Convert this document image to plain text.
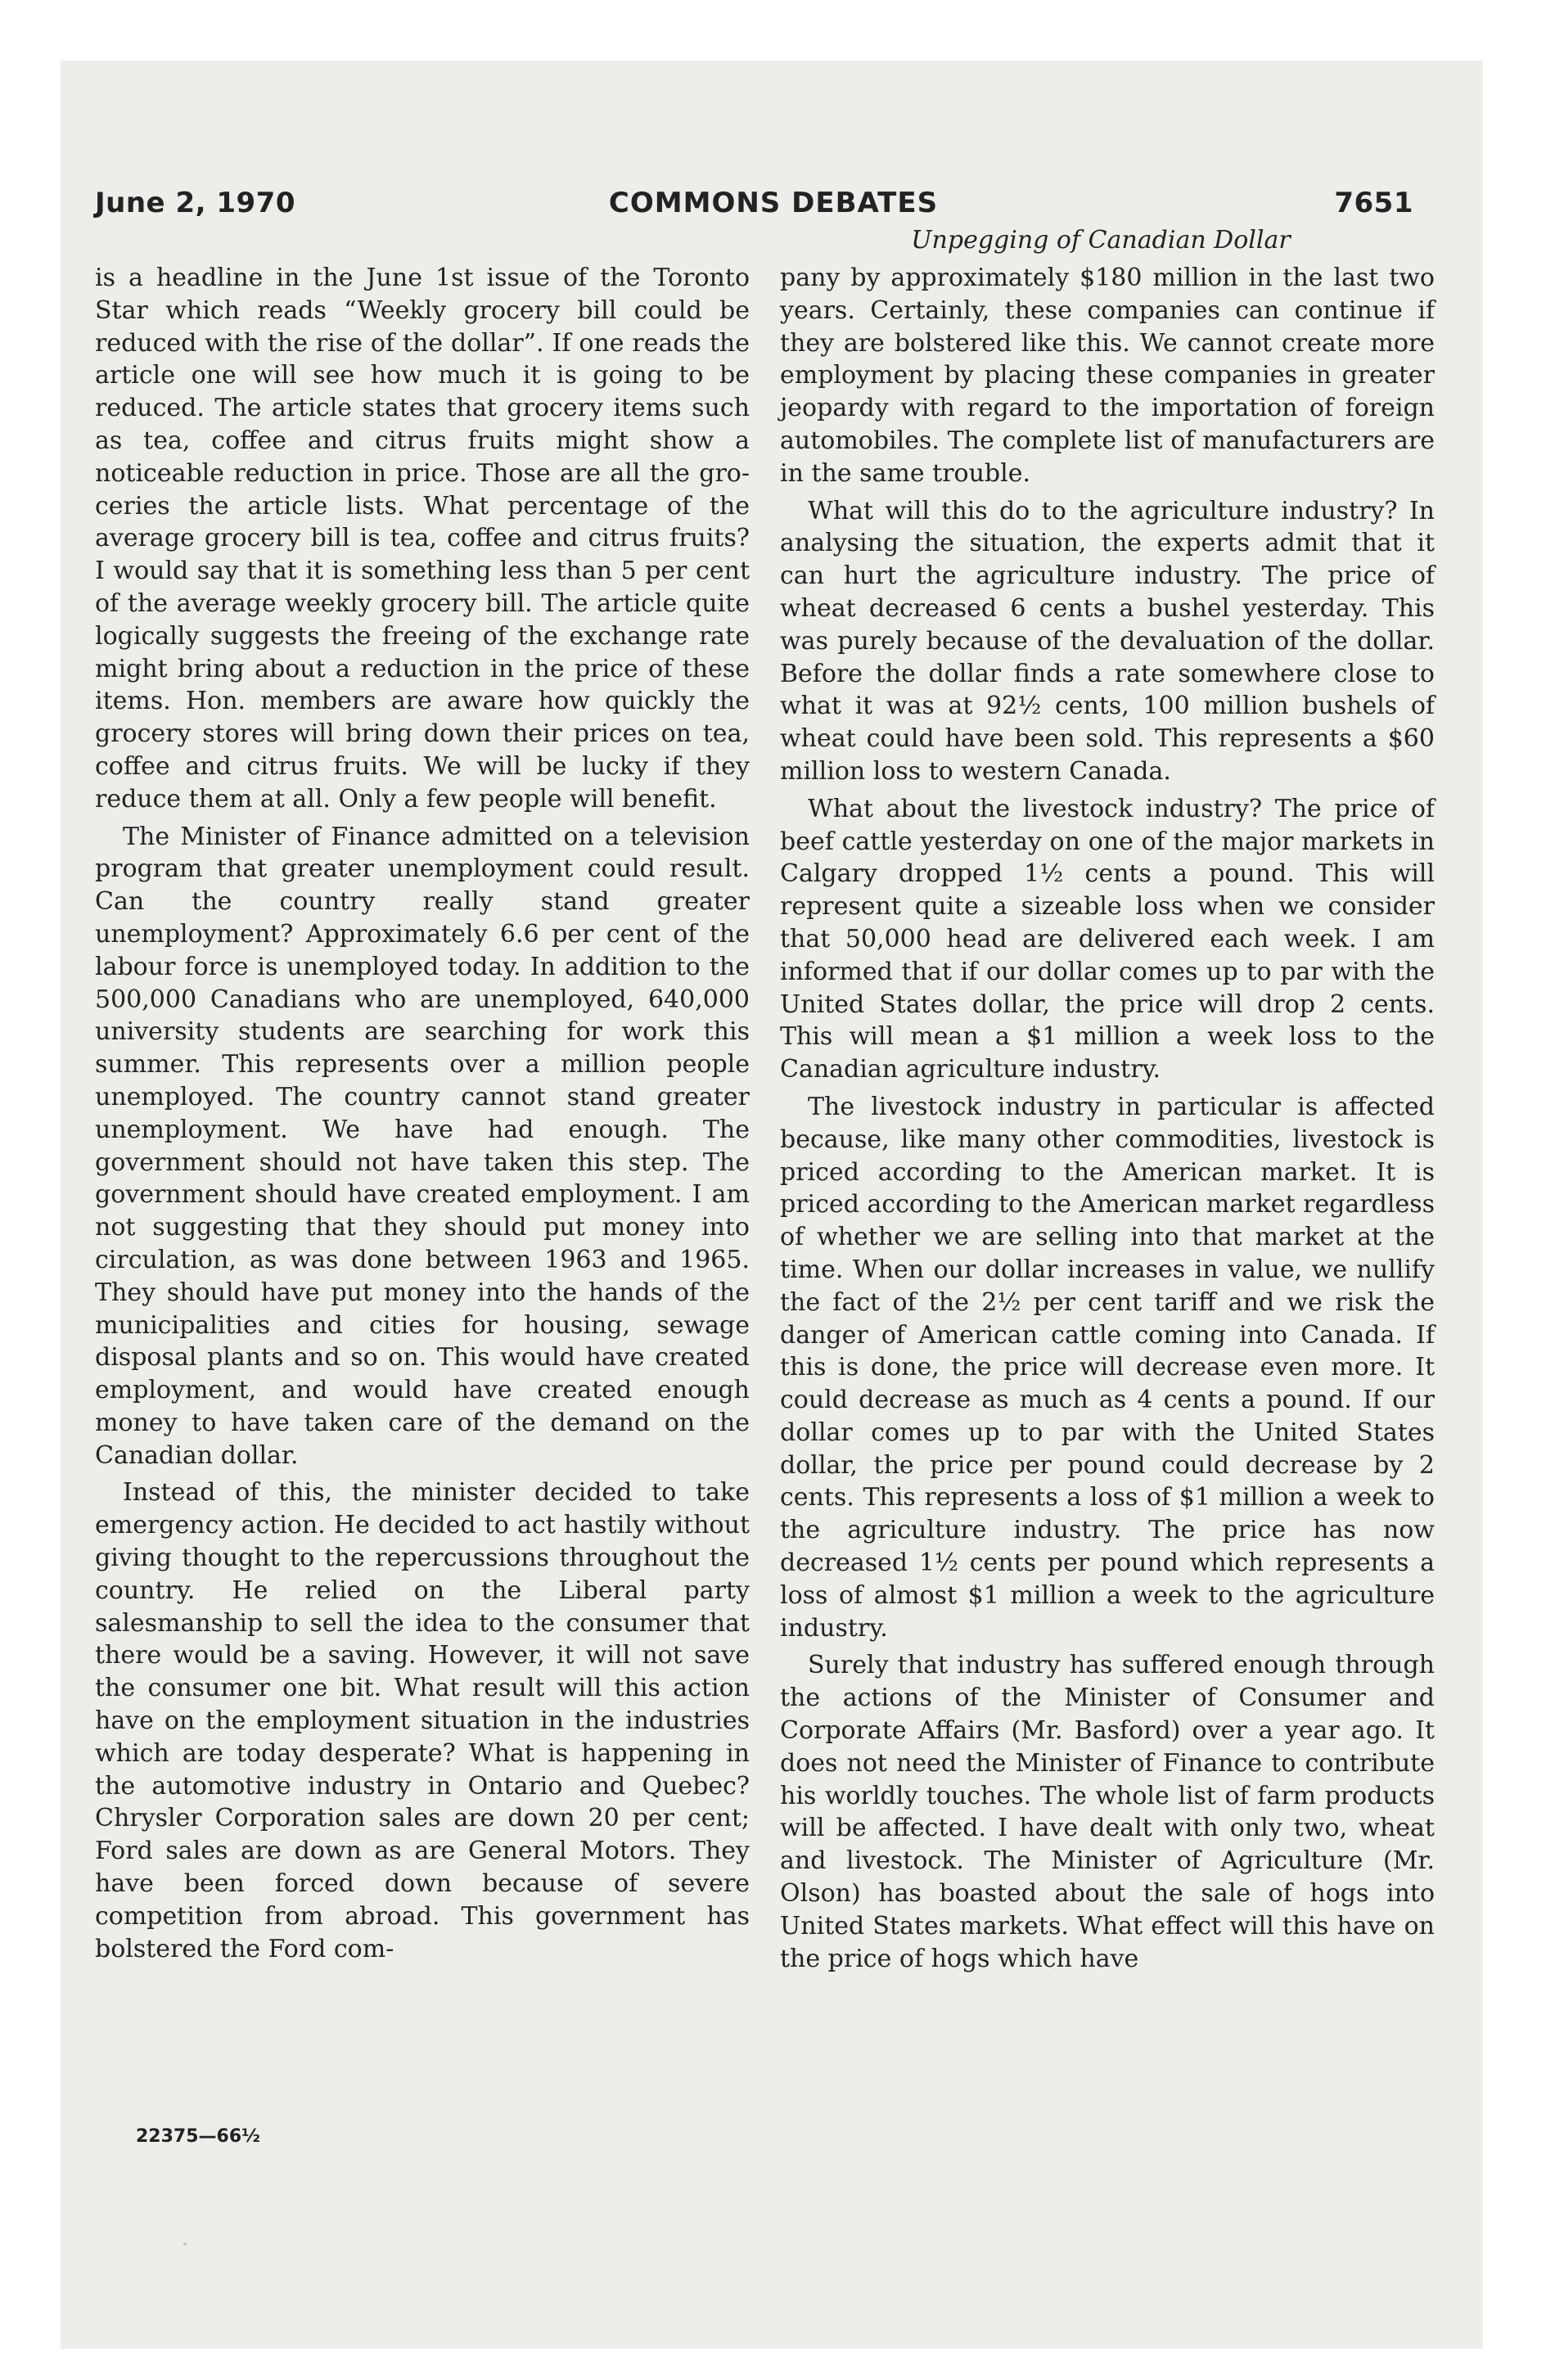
June 2, 1970	COMMONS DEBATES	7651
Unpegging of Canadian Dollar

is a headline in the June 1st issue of the Toronto Star which reads “Weekly grocery bill could be reduced with the rise of the dollar”. If one reads the article one will see how much it is going to be reduced. The article states that grocery items such as tea, coffee and citrus fruits might show a noticeable reduction in price. Those are all the groceries the article lists. What percentage of the average grocery bill is tea, coffee and citrus fruits? I would say that it is something less than 5 per cent of the average weekly grocery bill. The article quite logically suggests the freeing of the exchange rate might bring about a reduction in the price of these items. Hon. members are aware how quickly the grocery stores will bring down their prices on tea, coffee and citrus fruits. We will be lucky if they reduce them at all. Only a few people will benefit.

The Minister of Finance admitted on a television program that greater unemployment could result. Can the country really stand greater unemployment? Approximately 6.6 per cent of the labour force is unemployed today. In addition to the 500,000 Canadians who are unemployed, 640,000 university students are searching for work this summer. This represents over a million people unemployed. The country cannot stand greater unemployment. We have had enough. The government should not have taken this step. The government should have created employment. I am not suggesting that they should put money into circulation, as was done between 1963 and 1965. They should have put money into the hands of the municipalities and cities for housing, sewage disposal plants and so on. This would have created employment, and would have created enough money to have taken care of the demand on the Canadian dollar.

Instead of this, the minister decided to take emergency action. He decided to act hastily without giving thought to the repercussions throughout the country. He relied on the Liberal party salesmanship to sell the idea to the consumer that there would be a saving. However, it will not save the consumer one bit. What result will this action have on the employment situation in the industries which are today desperate? What is happening in the automotive industry in Ontario and Quebec? Chrysler Corporation sales are down 20 per cent; Ford sales are down as are General Motors. They have been forced down because of severe competition from abroad. This government has bolstered the Ford com-

pany by approximately $180 million in the last two years. Certainly, these companies can continue if they are bolstered like this. We cannot create more employment by placing these companies in greater jeopardy with regard to the importation of foreign automobiles. The complete list of manufacturers are in the same trouble.

What will this do to the agriculture industry? In analysing the situation, the experts admit that it can hurt the agriculture industry. The price of wheat decreased 6 cents a bushel yesterday. This was purely because of the devaluation of the dollar. Before the dollar finds a rate somewhere close to what it was at 92½ cents, 100 million bushels of wheat could have been sold. This represents a $60 million loss to western Canada.

What about the livestock industry? The price of beef cattle yesterday on one of the major markets in Calgary dropped 1½ cents a pound. This will represent quite a sizeable loss when we consider that 50,000 head are delivered each week. I am informed that if our dollar comes up to par with the United States dollar, the price will drop 2 cents. This will mean a $1 million a week loss to the Canadian agriculture industry.

The livestock industry in particular is affected because, like many other commodities, livestock is priced according to the American market. It is priced according to the American market regardless of whether we are selling into that market at the time. When our dollar increases in value, we nullify the fact of the 2½ per cent tariff and we risk the danger of American cattle coming into Canada. If this is done, the price will decrease even more. It could decrease as much as 4 cents a pound. If our dollar comes up to par with the United States dollar, the price per pound could decrease by 2 cents. This represents a loss of $1 million a week to the agriculture industry. The price has now decreased 1½ cents per pound which represents a loss of almost $1 million a week to the agriculture industry.

Surely that industry has suffered enough through the actions of the Minister of Consumer and Corporate Affairs (Mr. Basford) over a year ago. It does not need the Minister of Finance to contribute his worldly touches. The whole list of farm products will be affected. I have dealt with only two, wheat and livestock. The Minister of Agriculture (Mr. Olson) has boasted about the sale of hogs into United States markets. What effect will this have on the price of hogs which have

22375—66½
